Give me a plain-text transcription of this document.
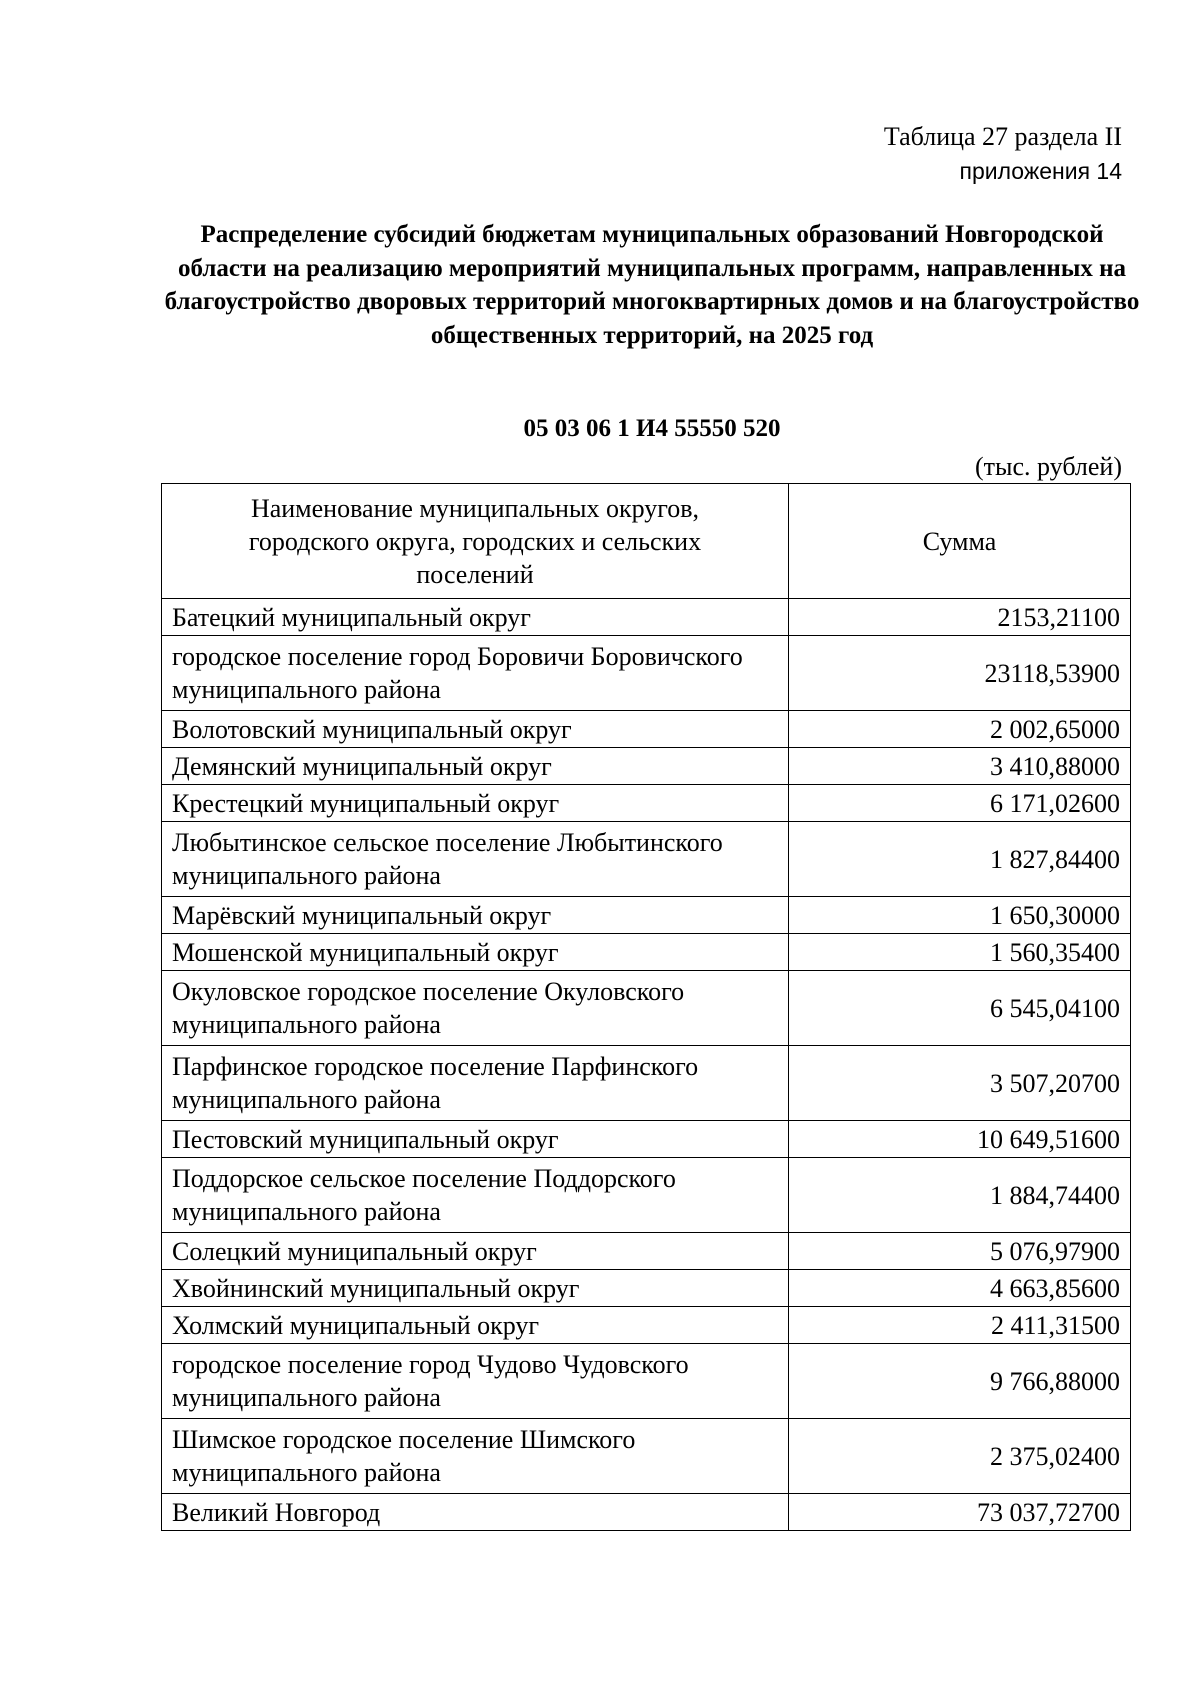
Таблица 27 раздела II
приложения 14
Распределение субсидий бюджетам муниципальных образований Новгородской области на реализацию мероприятий муниципальных программ, направленных на благоустройство дворовых территорий многоквартирных домов и на благоустройство общественных территорий, на 2025 год
05 03 06 1 И4 55550 520
(тыс. рублей)
Наименование муниципальных округов, городского округа, городских и сельских поселений	Сумма
Батецкий муниципальный округ	2153,21100
городское поселение город Боровичи Боровичского муниципального района	23118,53900
Волотовский муниципальный округ	2 002,65000
Демянский муниципальный округ	3 410,88000
Крестецкий муниципальный округ	6 171,02600
Любытинское сельское поселение Любытинского муниципального района	1 827,84400
Марёвский муниципальный округ	1 650,30000
Мошенской муниципальный округ	1 560,35400
Окуловское городское поселение Окуловского муниципального района	6 545,04100
Парфинское городское поселение Парфинского муниципального района	3 507,20700
Пестовский муниципальный округ	10 649,51600
Поддорское сельское поселение Поддорского муниципального района	1 884,74400
Солецкий муниципальный округ	5 076,97900
Хвойнинский муниципальный округ	4 663,85600
Холмский муниципальный округ	2 411,31500
городское поселение город Чудово Чудовского муниципального района	9 766,88000
Шимское городское поселение Шимского муниципального района	2 375,02400
Великий Новгород	73 037,72700
